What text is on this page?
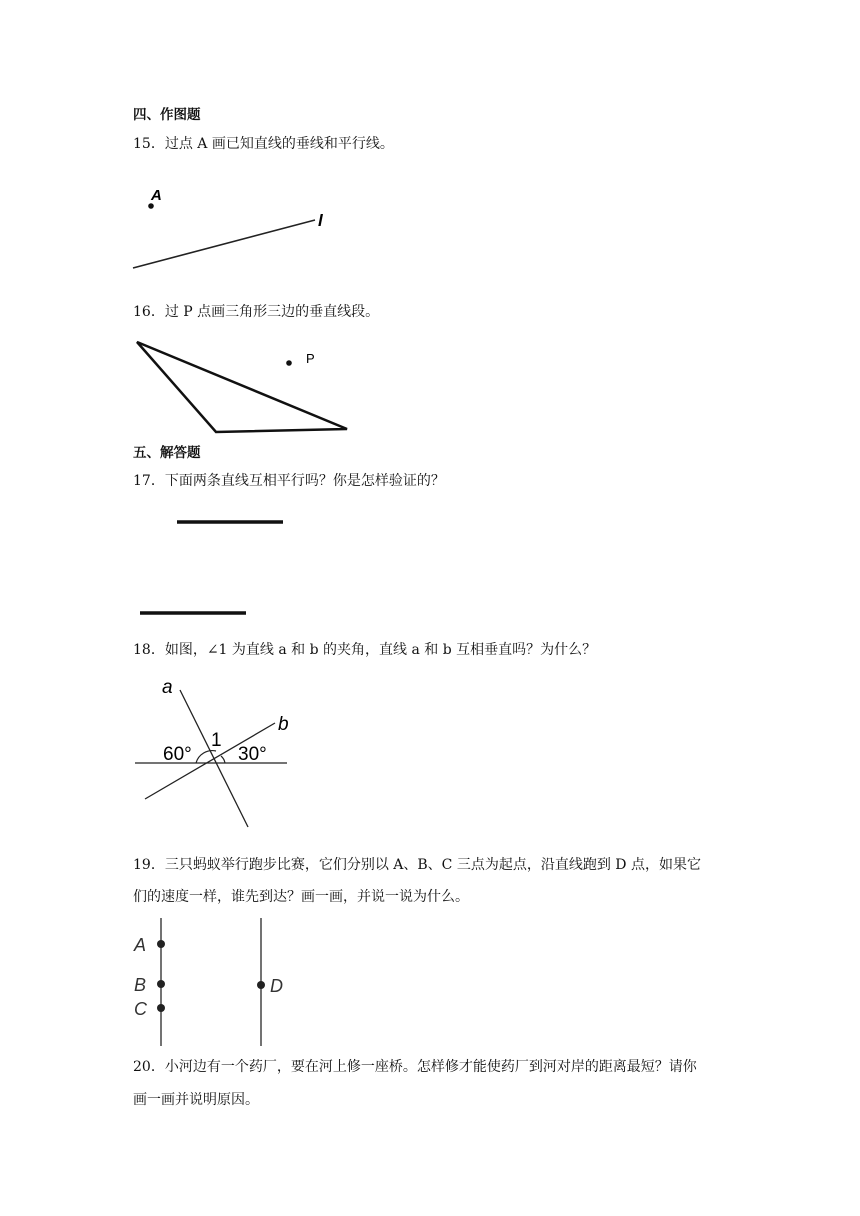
四、作图题
15．过点 A 画已知直线的垂线和平行线。
A
l
16．过 P 点画三角形三边的垂直线段。
P
五、解答题
17．下面两条直线互相平行吗？你是怎样验证的？
18．如图，∠1 为直线 a 和 b 的夹角，直线 a 和 b 互相垂直吗？为什么？
a
b
1
60° 30°
19．三只蚂蚁举行跑步比赛，它们分别以 A、B、C 三点为起点，沿直线跑到 D 点，如果它
们的速度一样，谁先到达？画一画，并说一说为什么。
A
B
C
D
20．小河边有一个药厂，要在河上修一座桥。怎样修才能使药厂到河对岸的距离最短？请你
画一画并说明原因。
